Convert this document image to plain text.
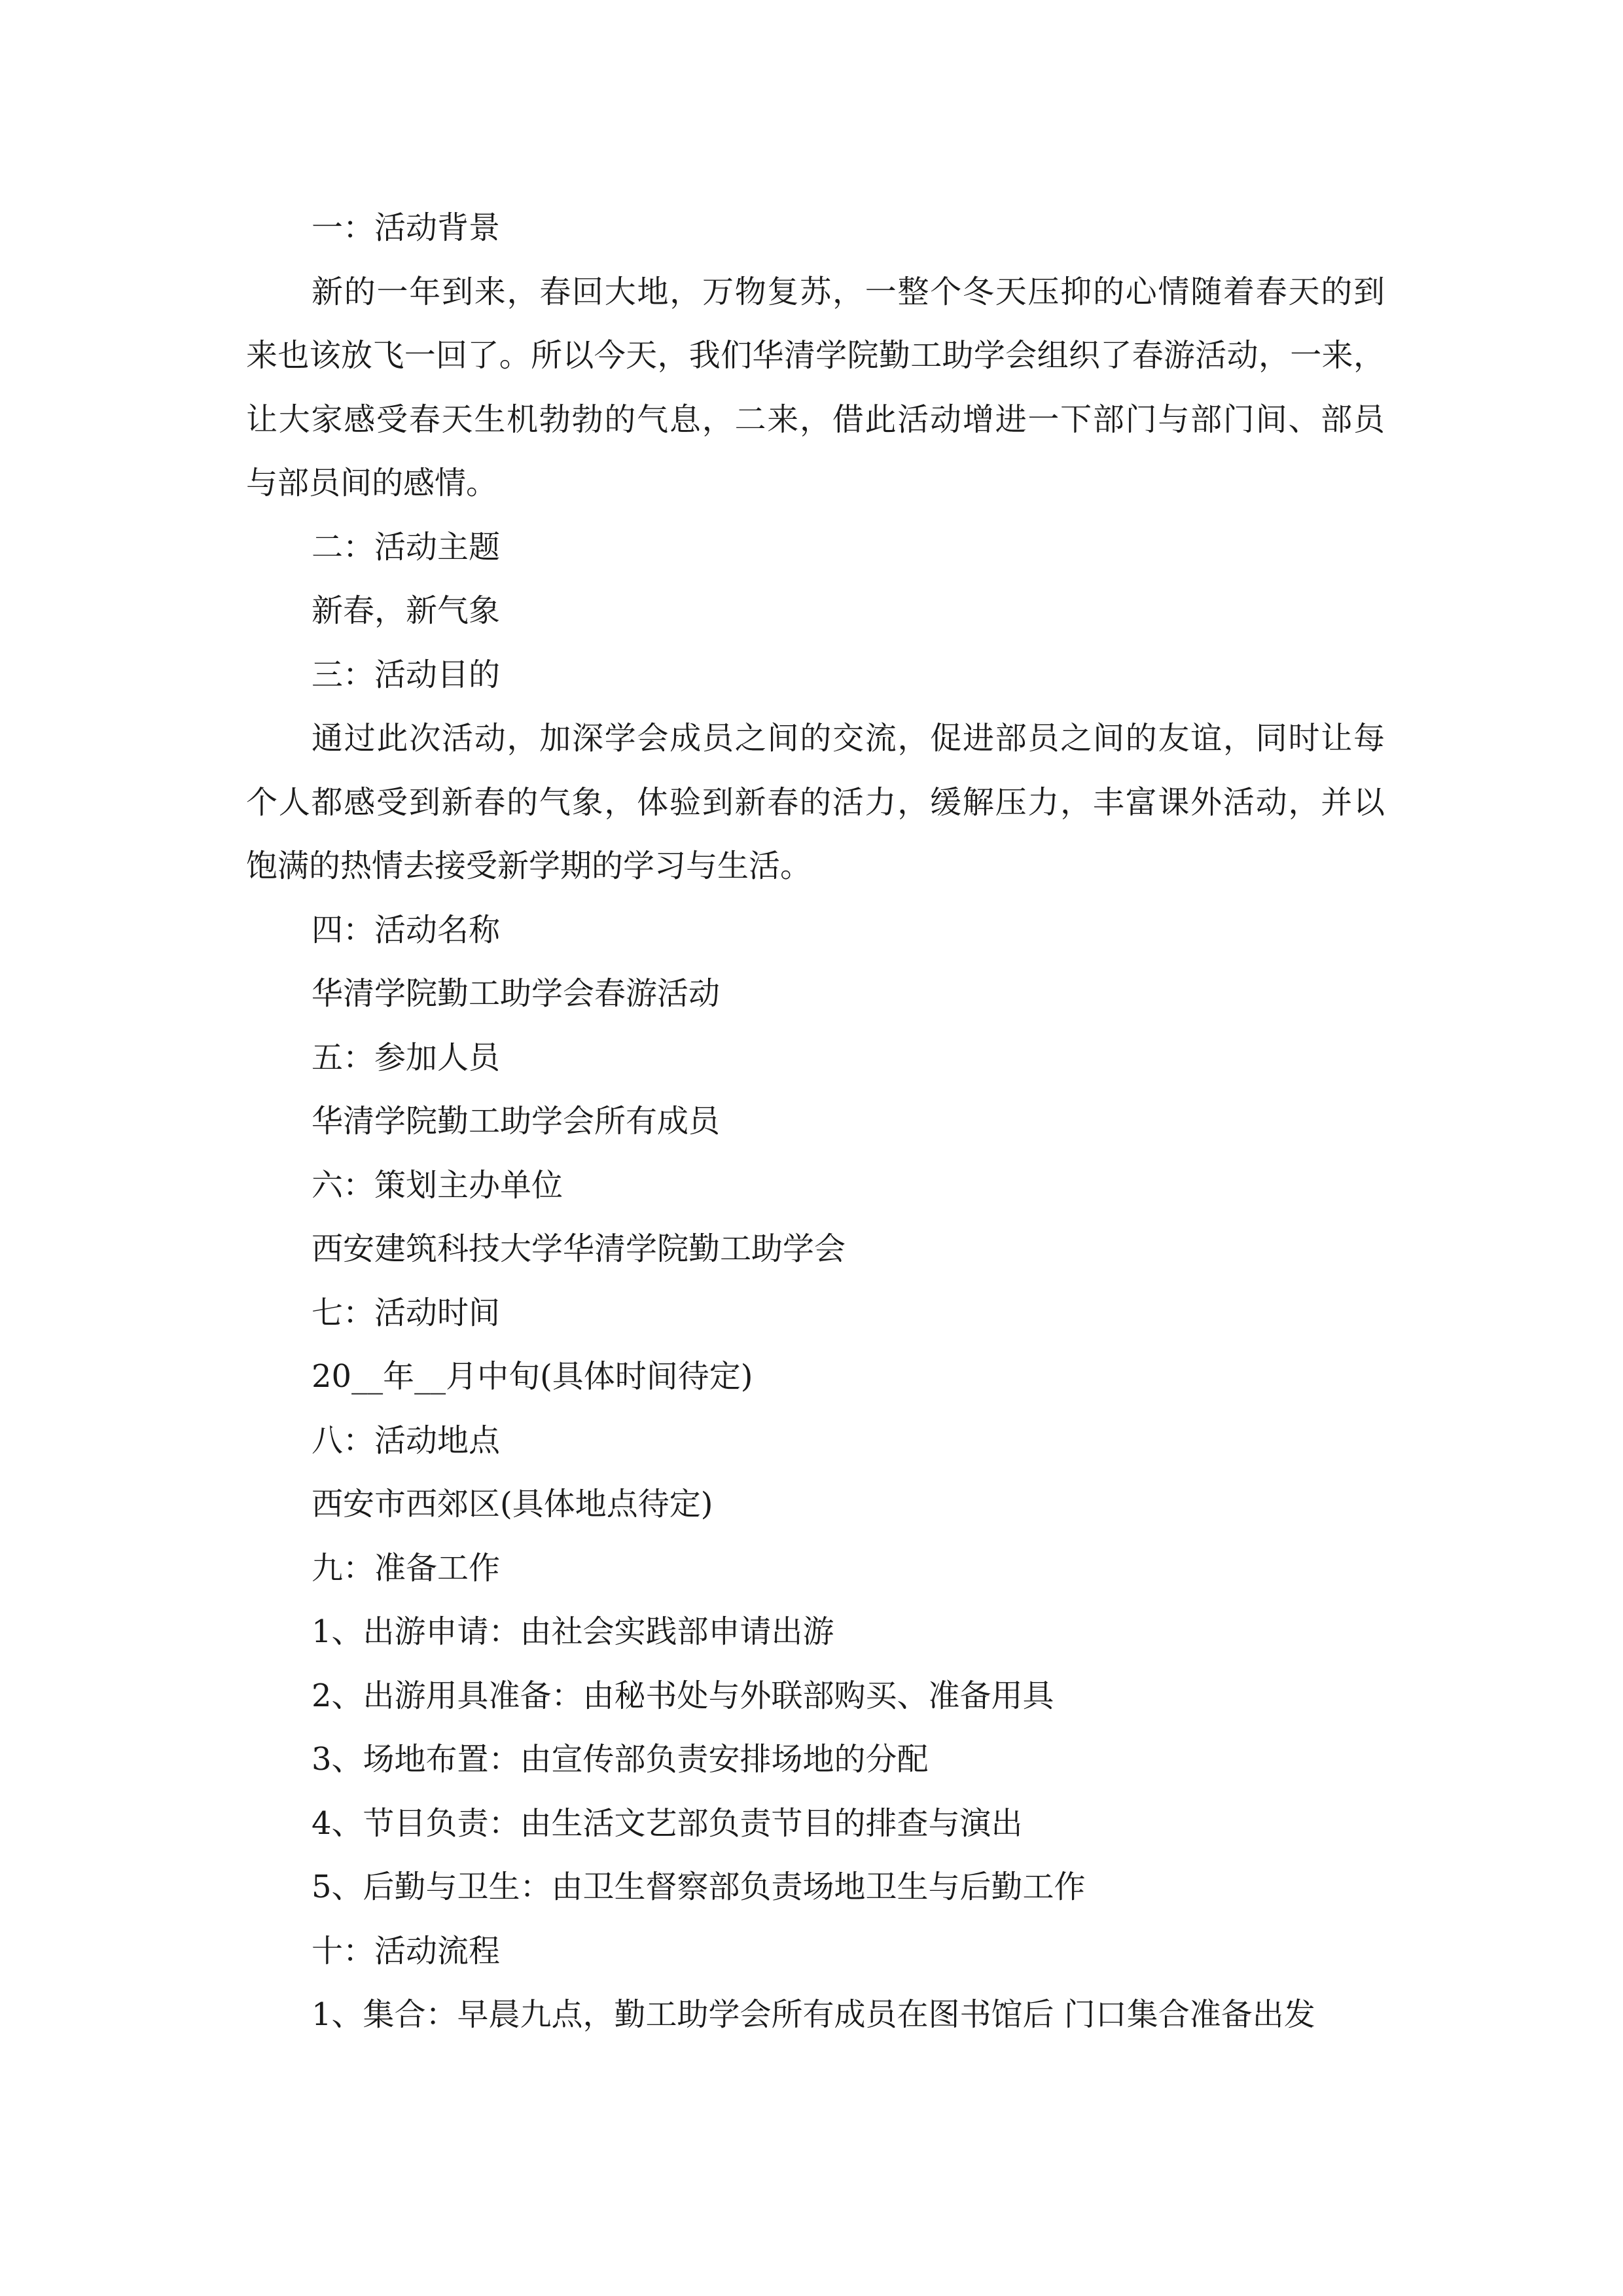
一：活动背景
新的一年到来，春回大地，万物复苏，一整个冬天压抑的心情随着春天的到
来也该放飞一回了。所以今天，我们华清学院勤工助学会组织了春游活动，一来，
让大家感受春天生机勃勃的气息，二来，借此活动增进一下部门与部门间、部员
与部员间的感情。
二：活动主题
新春，新气象
三：活动目的
通过此次活动，加深学会成员之间的交流，促进部员之间的友谊，同时让每
个人都感受到新春的气象，体验到新春的活力，缓解压力，丰富课外活动，并以
饱满的热情去接受新学期的学习与生活。
四：活动名称
华清学院勤工助学会春游活动
五：参加人员
华清学院勤工助学会所有成员
六：策划主办单位
西安建筑科技大学华清学院勤工助学会
七：活动时间
20__年__月中旬(具体时间待定)
八：活动地点
西安市西郊区(具体地点待定)
九：准备工作
1、出游申请：由社会实践部申请出游
2、出游用具准备：由秘书处与外联部购买、准备用具
3、场地布置：由宣传部负责安排场地的分配
4、节目负责：由生活文艺部负责节目的排查与演出
5、后勤与卫生：由卫生督察部负责场地卫生与后勤工作
十：活动流程
1、集合：早晨九点，勤工助学会所有成员在图书馆后 门口集合准备出发
